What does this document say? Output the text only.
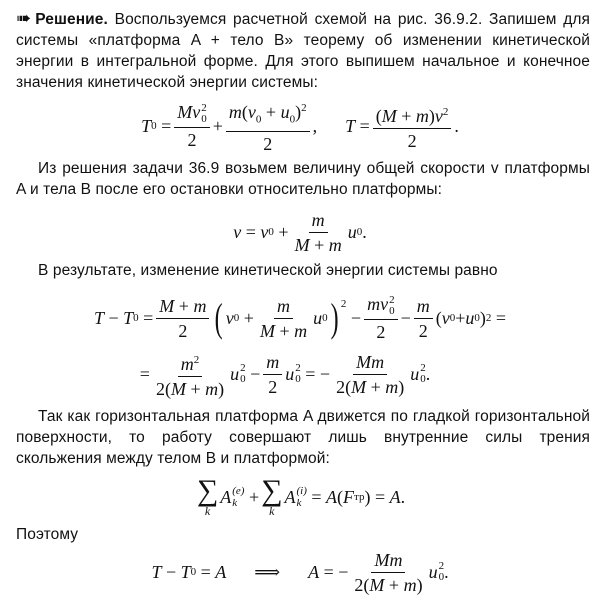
➠ Решение. Воспользуемся расчетной схемой на рис. 36.9.2. Запишем для системы «платформа A + тело B» теорему об изменении кинетической энергии в интегральной форме. Для этого выпишем начальное и конечное значения кинетической энергии системы:
T 0 = Mv 2
0
$2 + \frac{m(v_0 + u_0)^2}{2}$ , $T = \frac{(M + m)v^2}{2}$ .
Из решения задачи 36.9 возьмем величину общей скорости v платформы A и тела B после его остановки относительно платформы:
v = v $0 + \frac{m}{M + m}$ u 0 .
В результате, изменение кинетической энергии системы равно
T − T $0 = \frac{M + m}{2}$ ( v $0 + \frac{m}{M + m}$ u 0 )$^2$
− mv 2
0
$2 - \frac{m}{2}$ ( v 0 + u 0 ) 2 =
= $\frac{m^2}{2(M + m)}$ u 2
$0 - \frac{m}{2}$ u 2
0 = − $\frac{Mm}{2(M + m)}$ u 2
0 .
Так как горизонтальная платформа A движется по гладкой горизонтальной поверхности, то работу совершают лишь внутренние силы трения скольжения между телом B и платформой:
∑
k
A (e)
k + ∑
k
A (i)
k = A ( F тр ) = A .
Поэтому
T − T 0 = A ⟹ A = − $\frac{Mm}{2(M + m)}$ u 2
0 .
